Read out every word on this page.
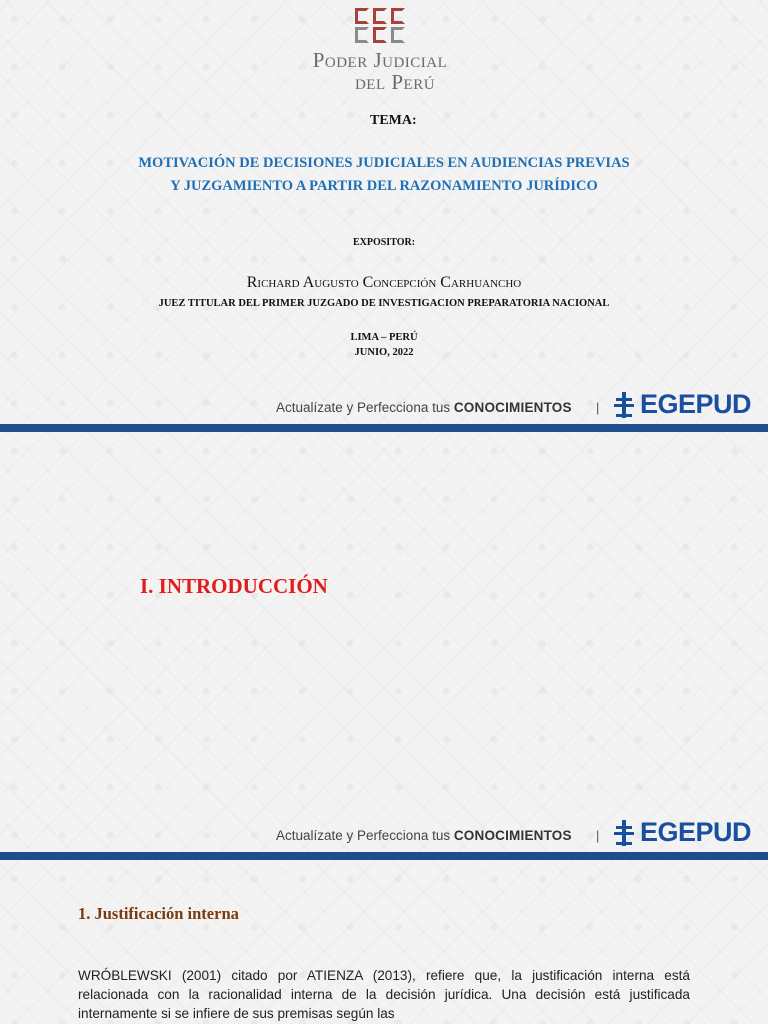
Poder Judicial
del Perú
TEMA:
MOTIVACIÓN DE DECISIONES JUDICIALES EN AUDIENCIAS PREVIAS
Y JUZGAMIENTO A PARTIR DEL RAZONAMIENTO JURÍDICO
EXPOSITOR:
Richard Augusto Concepción Carhuancho
JUEZ TITULAR DEL PRIMER JUZGADO DE INVESTIGACION PREPARATORIA NACIONAL
LIMA – PERÚ
JUNIO, 2022
Actualízate y Perfecciona tus CONOCIMIENTOS | EGEPUD
I. INTRODUCCIÓN
Actualízate y Perfecciona tus CONOCIMIENTOS | EGEPUD
1. Justificación interna
WRÓBLEWSKI (2001) citado por ATIENZA (2013), refiere que, la justificación interna está relacionada con la racionalidad interna de la decisión jurídica. Una decisión está justificada internamente si se infiere de sus premisas según las
